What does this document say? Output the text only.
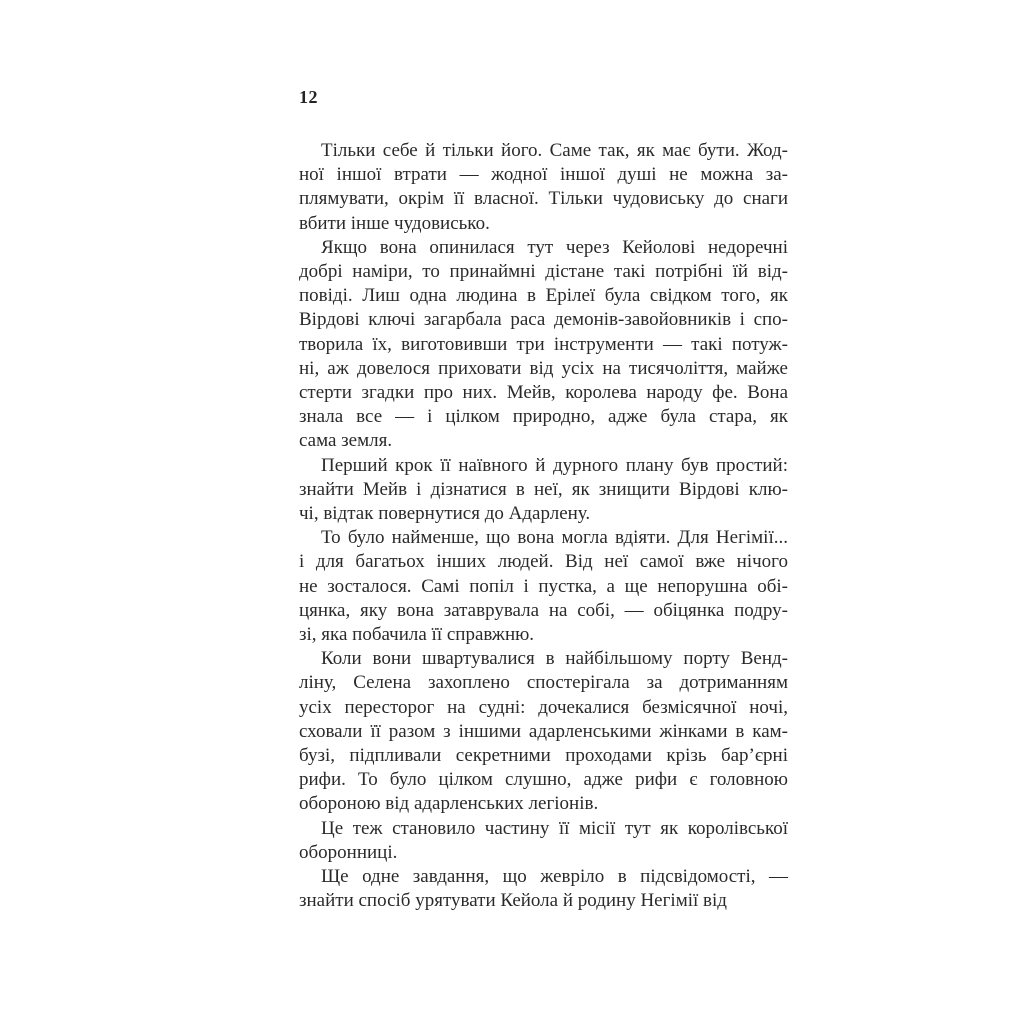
12

Тільки себе й тільки його. Саме так, як має бути. Жод-
ної іншої втрати — жодної іншої душі не можна за-
плямувати, окрім її власної. Тільки чудовиську до снаги
вбити інше чудовисько.

Якщо вона опинилася тут через Кейолові недоречні
добрі наміри, то принаймні дістане такі потрібні їй від-
повіді. Лиш одна людина в Ерілеї була свідком того, як
Вірдові ключі загарбала раса демонів-завойовників і спо-
творила їх, виготовивши три інструменти — такі потуж-
ні, аж довелося приховати від усіх на тисячоліття, майже
стерти згадки про них. Мейв, королева народу фе. Вона
знала все — і цілком природно, адже була стара, як
сама земля.

Перший крок її наївного й дурного плану був простий:
знайти Мейв і дізнатися в неї, як знищити Вірдові клю-
чі, відтак повернутися до Адарлену.

То було найменше, що вона могла вдіяти. Для Негімії...
і для багатьох інших людей. Від неї самої вже нічого
не зосталося. Самі попіл і пустка, а ще непорушна обі-
цянка, яку вона затаврувала на собі, — обіцянка подру-
зі, яка побачила її справжню.

Коли вони швартувалися в найбільшому порту Венд-
ліну, Селена захоплено спостерігала за дотриманням
усіх пересторог на судні: дочекалися безмісячної ночі,
сховали її разом з іншими адарленськими жінками в кам-
бузі, підпливали секретними проходами крізь бар’єрні
рифи. То було цілком слушно, адже рифи є головною
обороною від адарленських легіонів.

Це теж становило частину її місії тут як королівської
оборонниці.

Ще одне завдання, що жевріло в підсвідомості, —
знайти спосіб урятувати Кейола й родину Негімії від
